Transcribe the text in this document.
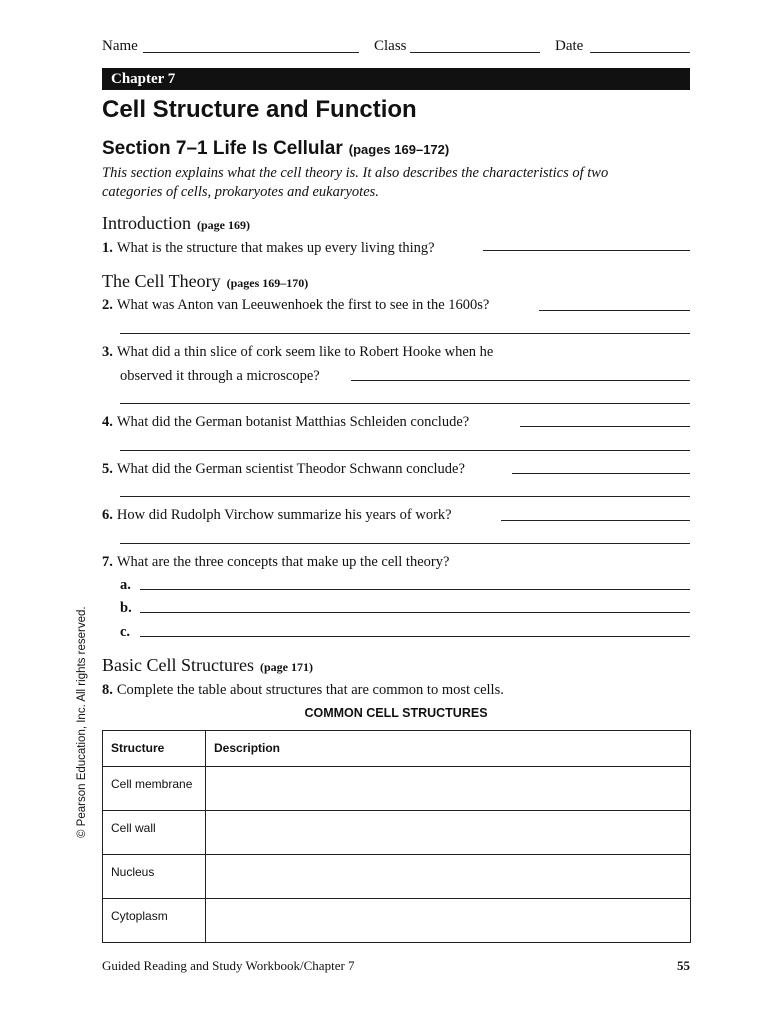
Name	Class	Date
Chapter 7
Cell Structure and Function
Section 7–1 Life Is Cellular (pages 169–172)
This section explains what the cell theory is. It also describes the characteristics of two categories of cells, prokaryotes and eukaryotes.
Introduction (page 169)
1. What is the structure that makes up every living thing?
The Cell Theory (pages 169–170)
2. What was Anton van Leeuwenhoek the first to see in the 1600s?
3. What did a thin slice of cork seem like to Robert Hooke when he
observed it through a microscope?
4. What did the German botanist Matthias Schleiden conclude?
5. What did the German scientist Theodor Schwann conclude?
6. How did Rudolph Virchow summarize his years of work?
7. What are the three concepts that make up the cell theory?
a.
b.
c.
Basic Cell Structures (page 171)
8. Complete the table about structures that are common to most cells.
COMMON CELL STRUCTURES
Structure	Description
Cell membrane	
Cell wall	
Nucleus	
Cytoplasm	
© Pearson Education, Inc. All rights reserved.
Guided Reading and Study Workbook/Chapter 7	55
